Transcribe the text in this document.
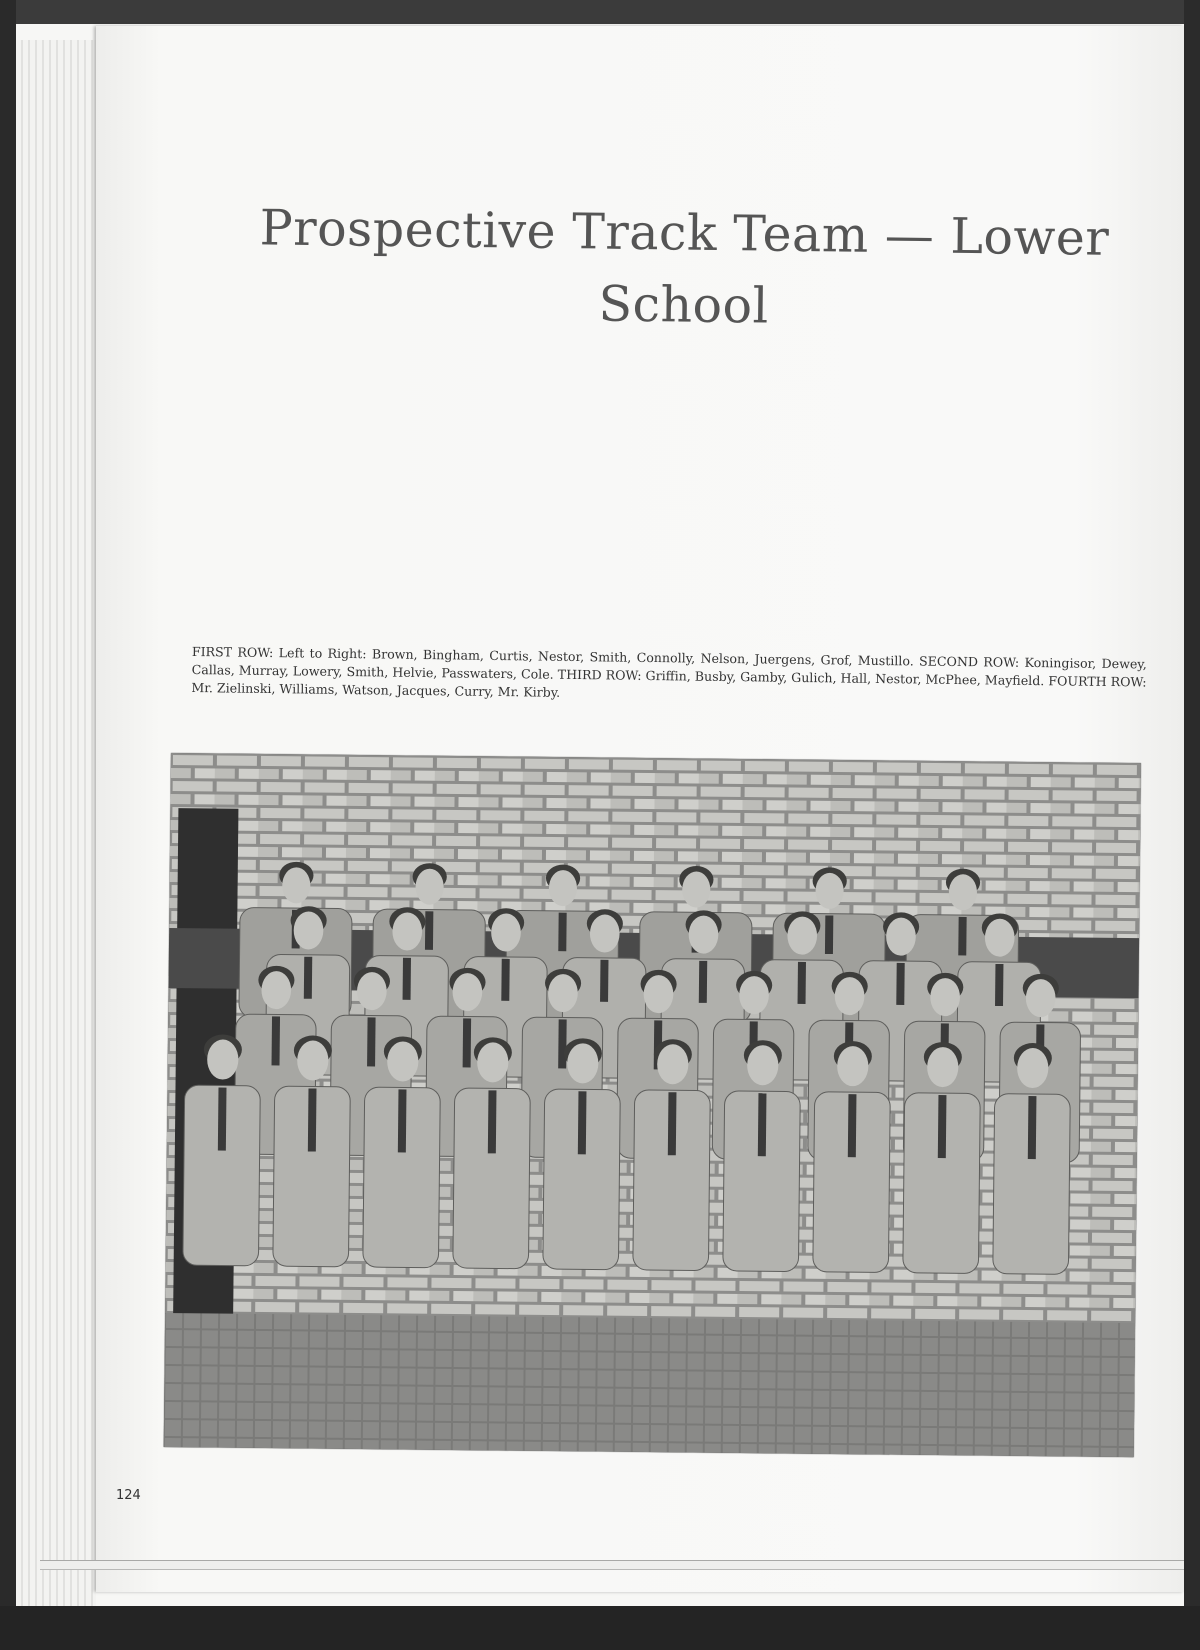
Prospective Track Team — Lower School

FIRST ROW: Left to Right: Brown, Bingham, Curtis, Nestor, Smith, Connolly, Nelson, Juergens, Grof, Mustillo. SECOND ROW: Koningisor, Dewey, Callas, Murray, Lowery, Smith, Helvie, Passwaters, Cole. THIRD ROW: Griffin, Busby, Gamby, Gulich, Hall, Nestor, McPhee, Mayfield. FOURTH ROW: Mr. Zielinski, Williams, Watson, Jacques, Curry, Mr. Kirby.

124
